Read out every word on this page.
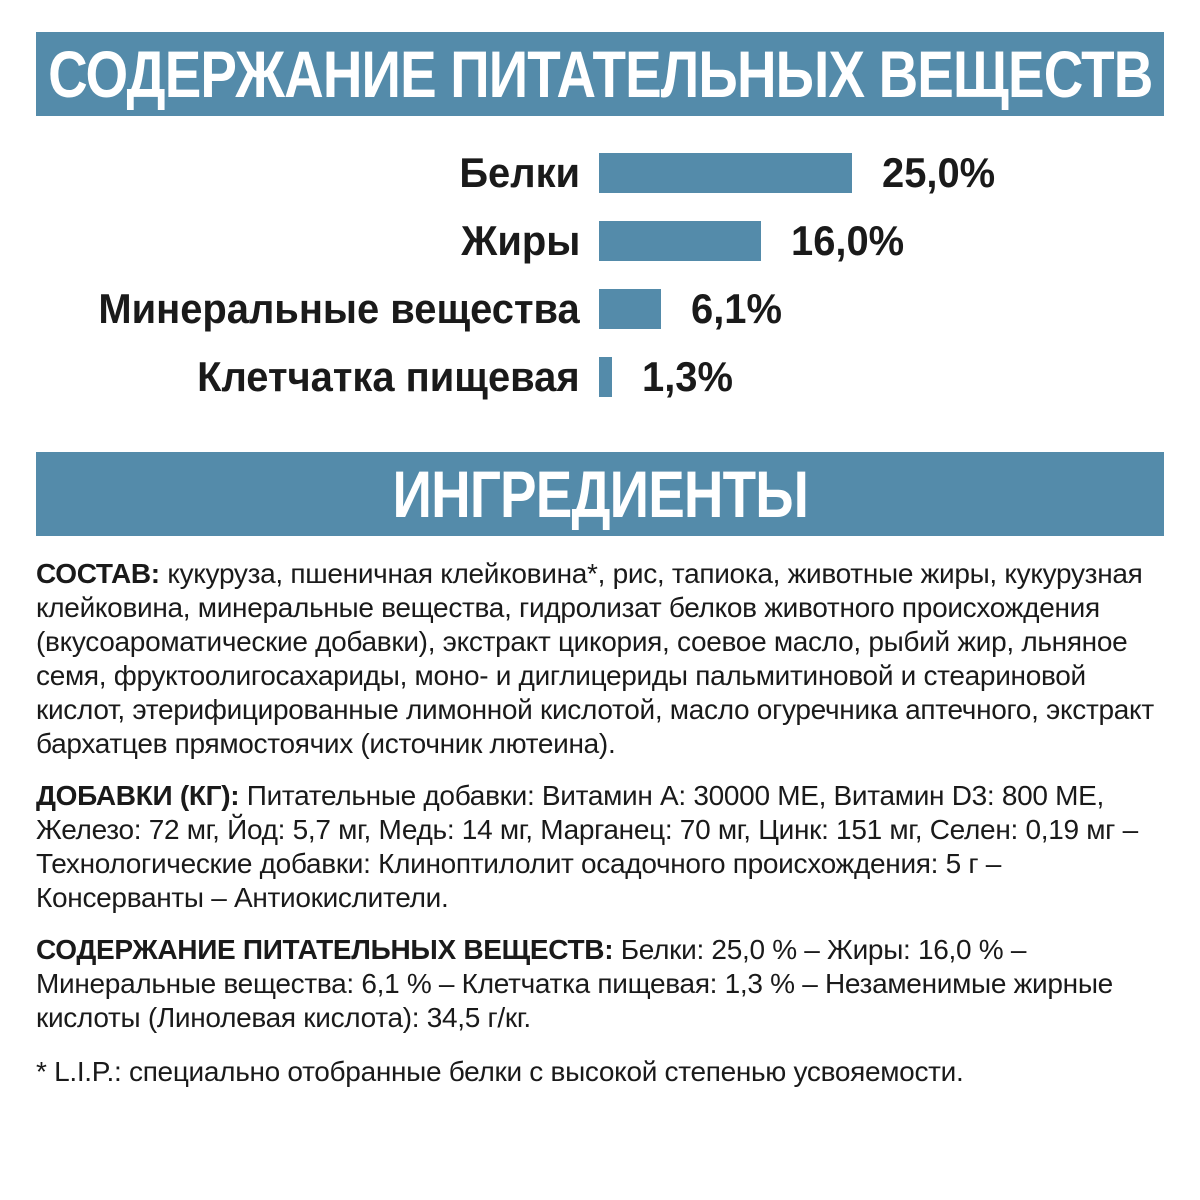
СОДЕРЖАНИЕ ПИТАТЕЛЬНЫХ ВЕЩЕСТВ
Белки	25,0%
Жиры	16,0%
Минеральные вещества	6,1%
Клетчатка пищевая	1,3%
ИНГРЕДИЕНТЫ

СОСТАВ: кукуруза, пшеничная клейковина*, рис, тапиока, животные жиры, кукурузная клейковина, минеральные вещества, гидролизат белков животного происхождения (вкусоароматические добавки), экстракт цикория, соевое масло, рыбий жир, льняное семя, фруктоолигосахариды, моно- и диглицериды пальмитиновой и стеариновой кислот, этерифицированные лимонной кислотой, масло огуречника аптечного, экстракт бархатцев прямостоячих (источник лютеина).

ДОБАВКИ (КГ): Питательные добавки: Витамин A: 30000 МЕ, Витамин D3: 800 МЕ, Железо: 72 мг, Йод: 5,7 мг, Медь: 14 мг, Марганец: 70 мг, Цинк: 151 мг, Селен: 0,19 мг – Технологические добавки: Клиноптилолит осадочного происхождения: 5 г – Консерванты – Антиокислители.

СОДЕРЖАНИЕ ПИТАТЕЛЬНЫХ ВЕЩЕСТВ: Белки: 25,0 % – Жиры: 16,0 % – Минеральные вещества: 6,1 % – Клетчатка пищевая: 1,3 % – Незаменимые жирные кислоты (Линолевая кислота): 34,5 г/кг.

* L.I.P.: специально отобранные белки с высокой степенью усвояемости.
